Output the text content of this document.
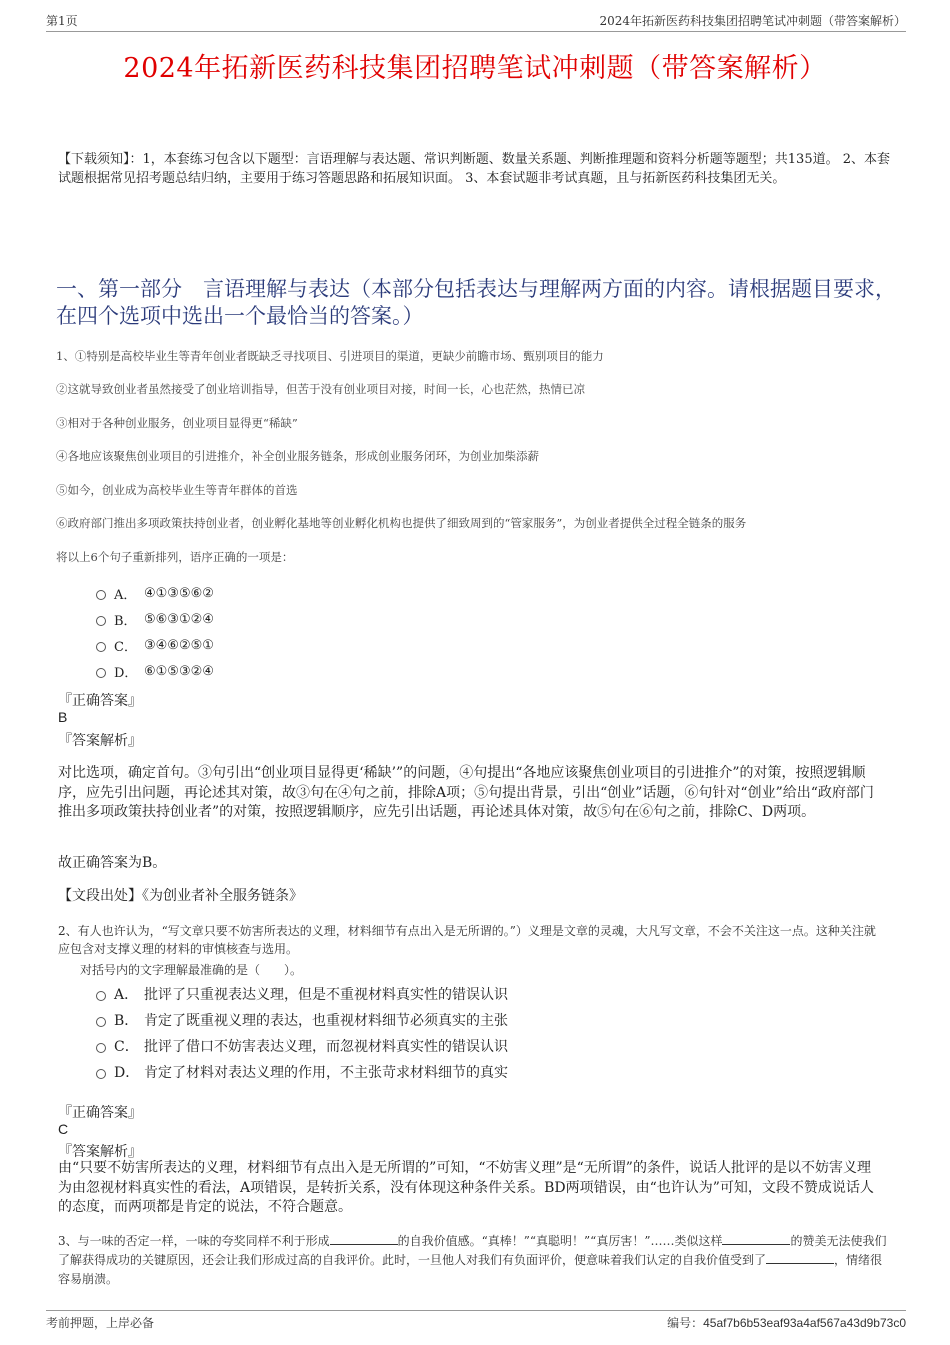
第1页	2024年拓新医药科技集团招聘笔试冲刺题（带答案解析）
2024年拓新医药科技集团招聘笔试冲刺题（带答案解析）
【下载须知】：1，本套练习包含以下题型：言语理解与表达题、常识判断题、数量关系题、判断推理题和资料分析题等题型；共135道。 2、本套试题根据常见招考题总结归纳，主要用于练习答题思路和拓展知识面。 3、本套试题非考试真题，且与拓新医药科技集团无关。
一、第一部分　言语理解与表达（本部分包括表达与理解两方面的内容。请根据题目要求，在四个选项中选出一个最恰当的答案。）
1、①特别是高校毕业生等青年创业者既缺乏寻找项目、引进项目的渠道，更缺少前瞻市场、甄别项目的能力
②这就导致创业者虽然接受了创业培训指导，但苦于没有创业项目对接，时间一长，心也茫然，热情已凉
③相对于各种创业服务，创业项目显得更“稀缺”
④各地应该聚焦创业项目的引进推介，补全创业服务链条，形成创业服务闭环，为创业加柴添薪
⑤如今，创业成为高校毕业生等青年群体的首选
⑥政府部门推出多项政策扶持创业者，创业孵化基地等创业孵化机构也提供了细致周到的“管家服务”，为创业者提供全过程全链条的服务
将以上6个句子重新排列，语序正确的一项是：
A． ④①③⑤⑥②
B． ⑤⑥③①②④
C． ③④⑥②⑤①
D． ⑥①⑤③②④
『正确答案』
B
『答案解析』
对比选项，确定首句。③句引出“创业项目显得更‘稀缺’”的问题，④句提出“各地应该聚焦创业项目的引进推介”的对策，按照逻辑顺序，应先引出问题，再论述其对策，故③句在④句之前，排除A项；⑤句提出背景，引出“创业”话题，⑥句针对“创业”给出“政府部门推出多项政策扶持创业者”的对策，按照逻辑顺序，应先引出话题，再论述具体对策，故⑤句在⑥句之前，排除C、D两项。
故正确答案为B。
【文段出处】《为创业者补全服务链条》
2、有人也许认为，“写文章只要不妨害所表达的义理，材料细节有点出入是无所谓的。”）义理是文章的灵魂，大凡写文章，不会不关注这一点。这种关注就应包含对支撑义理的材料的审慎核查与选用。
对括号内的文字理解最准确的是（　　）。
A． 批评了只重视表达义理，但是不重视材料真实性的错误认识
B． 肯定了既重视义理的表达，也重视材料细节必须真实的主张
C． 批评了借口不妨害表达义理，而忽视材料真实性的错误认识
D． 肯定了材料对表达义理的作用，不主张苛求材料细节的真实
『正确答案』
C
『答案解析』
由“只要不妨害所表达的义理，材料细节有点出入是无所谓的”可知，“不妨害义理”是“无所谓”的条件，说话人批评的是以不妨害义理为由忽视材料真实性的看法，A项错误，是转折关系，没有体现这种条件关系。BD两项错误，由“也许认为”可知，文段不赞成说话人的态度，而两项都是肯定的说法，不符合题意。
3、与一味的否定一样，一味的夸奖同样不利于形成	的自我价值感。“真棒！”“真聪明！”“真厉害！”……类似这样	的赞美无法使我们了解获得成功的关键原因，还会让我们形成过高的自我评价。此时，一旦他人对我们有负面评价，便意味着我们认定的自我价值受到了	，情绪很容易崩溃。
考前押题，上岸必备	编号：45af7b6b53eaf93a4af567a43d9b73c0
